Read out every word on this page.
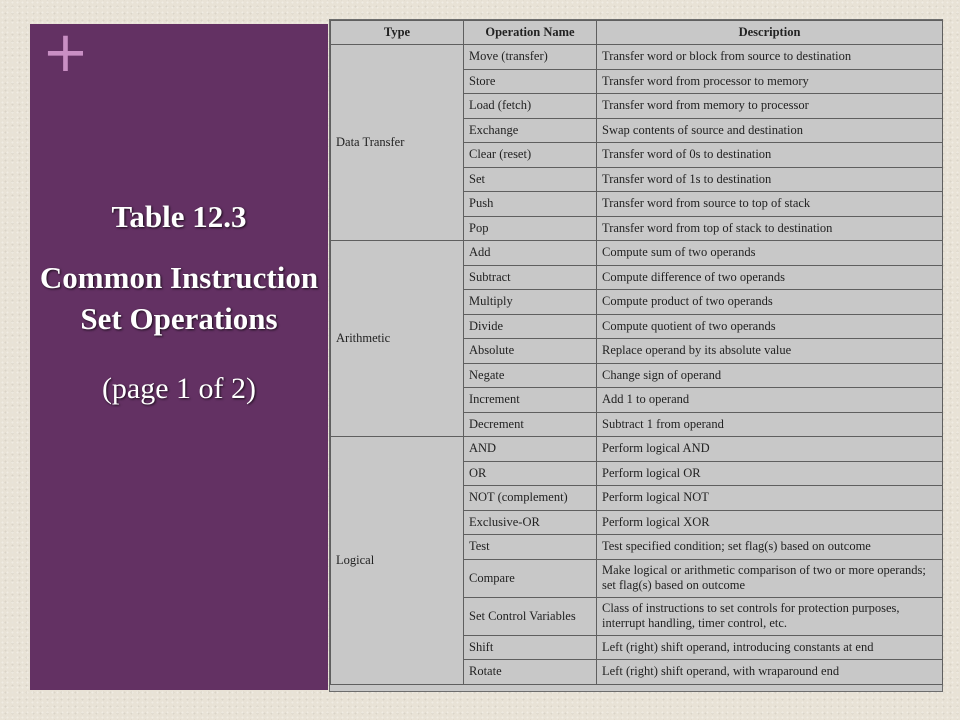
+
Table 12.3
Common Instruction Set Operations
(page 1 of 2)
Type	Operation Name	Description
Data Transfer	Move (transfer)	Transfer word or block from source to destination
	Store	Transfer word from processor to memory
	Load (fetch)	Transfer word from memory to processor
	Exchange	Swap contents of source and destination
	Clear (reset)	Transfer word of 0s to destination
	Set	Transfer word of 1s to destination
	Push	Transfer word from source to top of stack
	Pop	Transfer word from top of stack to destination
Arithmetic	Add	Compute sum of two operands
	Subtract	Compute difference of two operands
	Multiply	Compute product of two operands
	Divide	Compute quotient of two operands
	Absolute	Replace operand by its absolute value
	Negate	Change sign of operand
	Increment	Add 1 to operand
	Decrement	Subtract 1 from operand
Logical	AND	Perform logical AND
	OR	Perform logical OR
	NOT (complement)	Perform logical NOT
	Exclusive-OR	Perform logical XOR
	Test	Test specified condition; set flag(s) based on outcome
	Compare	Make logical or arithmetic comparison of two or more operands; set flag(s) based on outcome
	Set Control Variables	Class of instructions to set controls for protection purposes, interrupt handling, timer control, etc.
	Shift	Left (right) shift operand, introducing constants at end
	Rotate	Left (right) shift operand, with wraparound end
